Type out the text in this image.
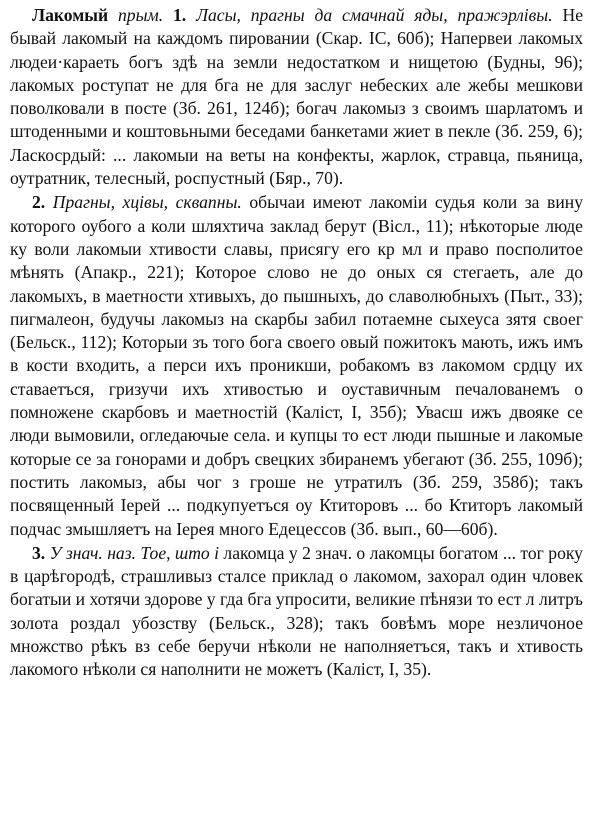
Лакомый прым. 1. Ласы, прагны да смачнай яды, пражэрлівы. Не бывай лакомый на каждомъ пировании (Скар. IC, 60б); Напервеи лакомых людеи·караеть богъ здѣ на земли недостатком и нищетою (Будны, 96); лакомых роступат не для бга не для заслуг небеских але жебы мешкови поволковали в посте (Зб. 261, 124б); богач лакомыз з своимъ шарлатомъ и штоденными и коштовьными беседами банкетами жиет в пекле (Зб. 259, 6); Ласкосрдый: ... лакомыи на веты на конфекты, жарлок, стравца, пьяница, оутратник, телесный, роспустный (Бяр., 70).

2. Прагны, хцівы, сквапны. обычаи имеют лакоміи судья коли за вину которого оубого а коли шляхтича заклад берут (Вісл., 11); нѣкоторые люде ку воли лакомыи хтивости славы, присягу его кр мл и право посполитое мѣнять (Апакр., 221); Которое слово не до оных ся стегаеть, але до лакомыхъ, в маетности хтивыхъ, до пышныхъ, до славолюбныхъ (Пыт., 33); пигмалеон, будучы лакомыз на скарбы забил потаемне сыхеуса зятя своег (Бельск., 112); Которыи зъ того бога своего овый пожитокъ мають, ижъ имъ в кости входить, а перси ихъ проникши, робакомъ вз лакомом срдцу их ставаетъся, гризучи ихъ хтивостью и оуставичным печалованемъ о помножене скарбовъ и маетностій (Каліст, I, 35б); Увасш ижъ двояке се люди вымовили, огледаючые села. и купцы то ест люди пышные и лакомые которые се за гонорами и добръ свецких збиранемъ убегают (Зб. 255, 109б); постить лакомыз, абы чог з гроше не утратилъ (Зб. 259, 358б); такъ посвященный Іерей ... подкупуетъся оу Ктиторовъ ... бо Ктиторъ лакомый подчас змышляетъ на Іерея много Едецессов (Зб. вып., 60—60б).

3. У знач. наз. Тое, што і лакомца у 2 знач. о лакомцы богатом ... тог року в царѣгородѣ, страшливыз сталсе приклад о лакомом, захорал один чловек богатыи и хотячи здорове у гда бга упросити, великие пѣнязи то ест л литръ золота роздал убозству (Бельск., 328); такъ бовѣмъ море незличоное множство рѣкъ вз себе беручи нѣколи не наполняетъся, такъ и хтивость лакомого нѣколи ся наполнити не можетъ (Каліст, I, 35).
